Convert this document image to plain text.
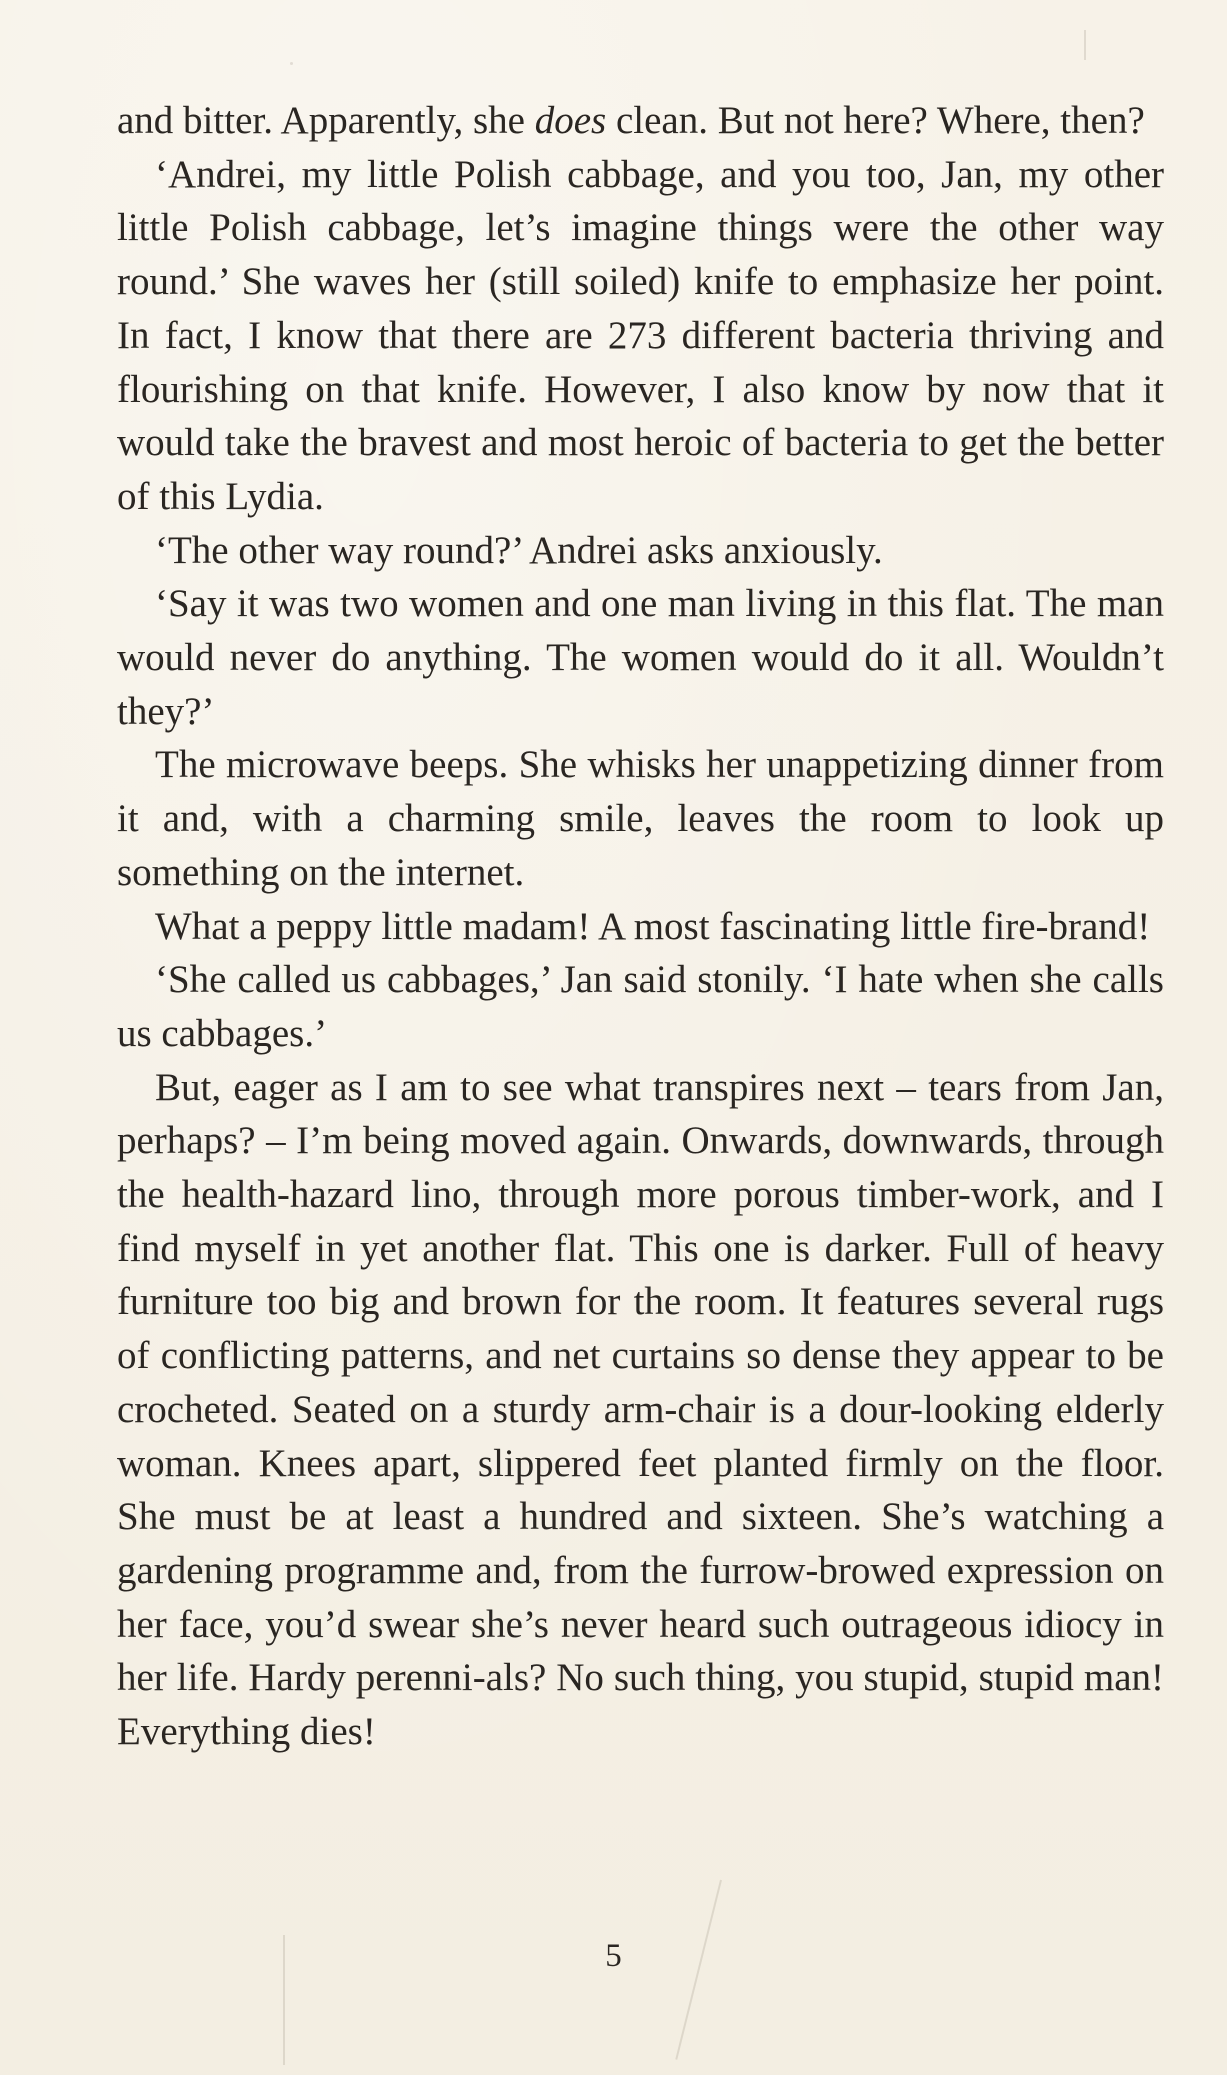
and bitter. Apparently, she does clean. But not here? Where, then?

‘Andrei, my little Polish cabbage, and you too, Jan, my other little Polish cabbage, let’s imagine things were the other way round.’ She waves her (still soiled) knife to emphasize her point. In fact, I know that there are 273 different bacteria thriving and flourishing on that knife. However, I also know by now that it would take the bravest and most heroic of bacteria to get the better of this Lydia.

‘The other way round?’ Andrei asks anxiously.

‘Say it was two women and one man living in this flat. The man would never do anything. The women would do it all. Wouldn’t they?’

The microwave beeps. She whisks her unappetizing dinner from it and, with a charming smile, leaves the room to look up something on the internet.

What a peppy little madam! A most fascinating little fire-brand!

‘She called us cabbages,’ Jan said stonily. ‘I hate when she calls us cabbages.’

But, eager as I am to see what transpires next – tears from Jan, perhaps? – I’m being moved again. Onwards, downwards, through the health-hazard lino, through more porous timber-work, and I find myself in yet another flat. This one is darker. Full of heavy furniture too big and brown for the room. It features several rugs of conflicting patterns, and net curtains so dense they appear to be crocheted. Seated on a sturdy arm-chair is a dour-looking elderly woman. Knees apart, slippered feet planted firmly on the floor. She must be at least a hundred and sixteen. She’s watching a gardening programme and, from the furrow-browed expression on her face, you’d swear she’s never heard such outrageous idiocy in her life. Hardy perenni-als? No such thing, you stupid, stupid man! Everything dies!

5
